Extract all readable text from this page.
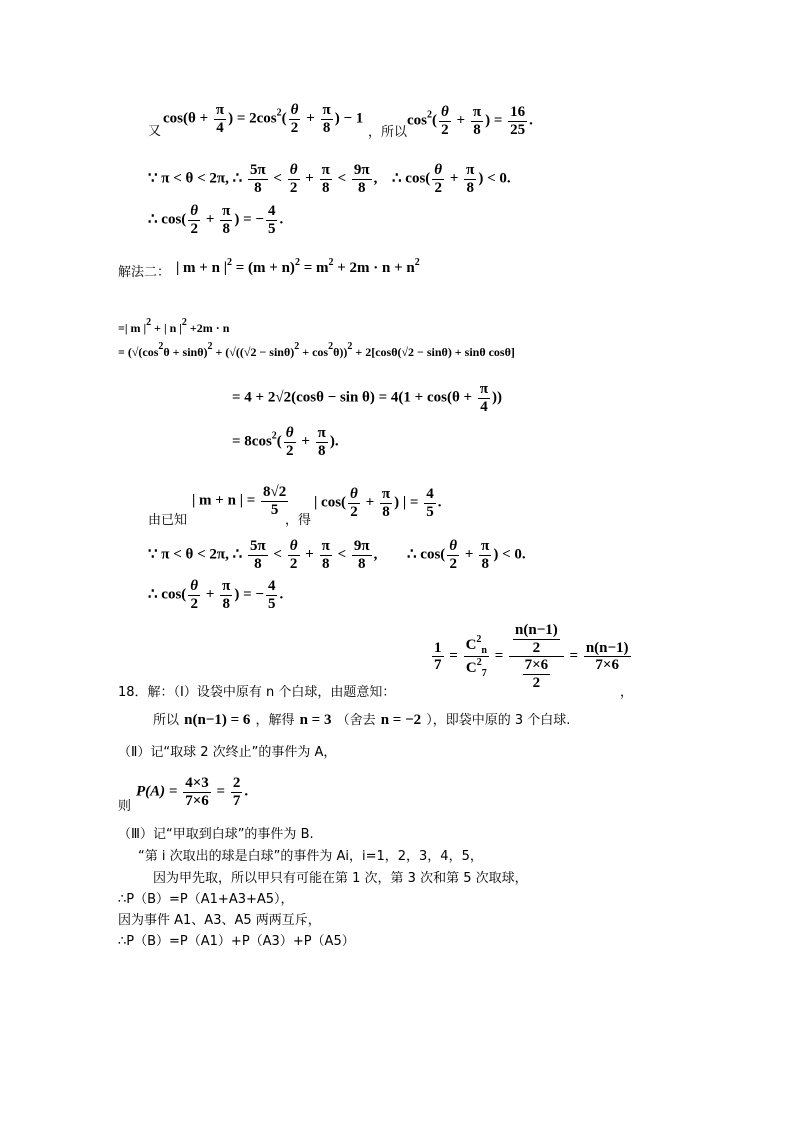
又
$\cos(\theta + \frac{\pi}{4}$ ) = $2\cos^2( \frac{\theta}{2} + \frac{\pi}{8}$ ) − 1
，所以
$\cos^2( \frac{\theta}{2} + \frac{\pi}{8}$ ) = $\frac{16}{25}$ .
∵ π < θ < 2π, ∴ $\frac{5\pi}{8} < \frac{\theta}{2} + \frac{\pi}{8} < \frac{9\pi}{8}$ , ∴ $\cos( \frac{\theta}{2} + \frac{\pi}{8}$ ) < 0.
∴ $\cos( \frac{\theta}{2} + \frac{\pi}{8}$ ) = − $\frac{4}{5}$ .
解法二： | m + n $|^2 = (m + n)^2 = m^2 + 2m \cdot n + n^2$
=| m $|^2$ + | n $|^2 +2m \cdot n$
= ($√(\cos^2\theta + \sin\theta)^2 + (√((√2 - \sin\theta)^2 + \cos^2\theta))^2 + 2[\cos\theta(√2 - \sin\theta) + \sin\theta$ cosθ]
= $4 + 2√2(\cos\theta - \sin \theta) = 4(1 + \cos(\theta + \frac{\pi}{4}$ ))
= $8\cos^2( \frac{\theta}{2} + \frac{\pi}{8}$ ).
由已知
| m + n | = $\frac{8√2}{5}$
，得
| $\cos( \frac{\theta}{2} + \frac{\pi}{8}$ ) | = $\frac{4}{5}$ .
∵ π < θ < 2π, ∴ $\frac{5\pi}{8} < \frac{\theta}{2} + \frac{\pi}{8} < \frac{9\pi}{8}$ , ∴ $\cos( \frac{\theta}{2} + \frac{\pi}{8}$ ) < 0.
∴ $\cos( \frac{\theta}{2} + \frac{\pi}{8}$ ) = − $\frac{4}{5}$ .
$\frac{1}{7} = \frac{C^2_n}{C^2_7} = \frac{\frac{n(n-1)}{2}}{\frac{7\times 6}{2}} = \frac{n(n-1)}{7\times 6}$
18．解：（Ⅰ）设袋中原有 n 个白球，由题意知：	，
所以 n(n−1) = 6 ，解得 n = 3 （舍去 n = −2 ），即袋中原的 3 个白球.
（Ⅱ）记“取球 2 次终止”的事件为 A，
则
$P(A) = \frac{4\times 3}{7\times 6} = \frac{2}{7}$ .
（Ⅲ）记“甲取到白球”的事件为 B.
“第 i 次取出的球是白球”的事件为 Ai，i=1，2，3，4，5，
因为甲先取，所以甲只有可能在第 1 次，第 3 次和第 5 次取球，
∴P（B）=P（A1+A3+A5），
因为事件 A1、A3、A5 两两互斥，
∴P（B）=P（A1）+P（A3）+P（A5）
